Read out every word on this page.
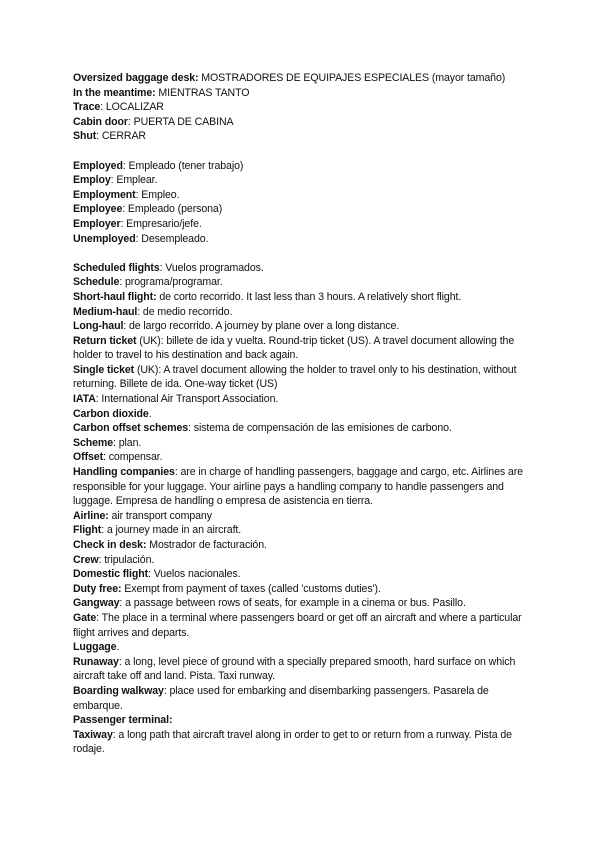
Oversized baggage desk: MOSTRADORES DE EQUIPAJES ESPECIALES (mayor tamaño)

In the meantime: MIENTRAS TANTO

Trace: LOCALIZAR

Cabin door: PUERTA DE CABINA

Shut: CERRAR

Employed: Empleado (tener trabajo)

Employ: Emplear.

Employment: Empleo.

Employee: Empleado (persona)

Employer: Empresario/jefe.

Unemployed: Desempleado.

Scheduled flights: Vuelos programados.

Schedule: programa/programar.

Short-haul flight: de corto recorrido. It last less than 3 hours. A relatively short flight.

Medium-haul: de medio recorrido.

Long-haul: de largo recorrido. A journey by plane over a long distance.

Return ticket (UK): billete de ida y vuelta. Round-trip ticket (US). A travel document allowing the holder to travel to his destination and back again.

Single ticket (UK): A travel document allowing the holder to travel only to his destination, without returning. Billete de ida. One-way ticket (US)

IATA: International Air Transport Association.

Carbon dioxide.

Carbon offset schemes: sistema de compensación de las emisiones de carbono.

Scheme: plan.

Offset: compensar.

Handling companies: are in charge of handling passengers, baggage and cargo, etc. Airlines are responsible for your luggage. Your airline pays a handling company to handle passengers and luggage. Empresa de handling o empresa de asistencia en tierra.

Airline: air transport company

Flight: a journey made in an aircraft.

Check in desk: Mostrador de facturación.

Crew: tripulación.

Domestic flight: Vuelos nacionales.

Duty free: Exempt from payment of taxes (called 'customs duties').

Gangway: a passage between rows of seats, for example in a cinema or bus. Pasillo.

Gate: The place in a terminal where passengers board or get off an aircraft and where a particular flight arrives and departs.

Luggage.

Runaway: a long, level piece of ground with a specially prepared smooth, hard surface on which aircraft take off and land. Pista. Taxi runway.

Boarding walkway: place used for embarking and disembarking passengers. Pasarela de embarque.

Passenger terminal:

Taxiway: a long path that aircraft travel along in order to get to or return from a runway. Pista de rodaje.
